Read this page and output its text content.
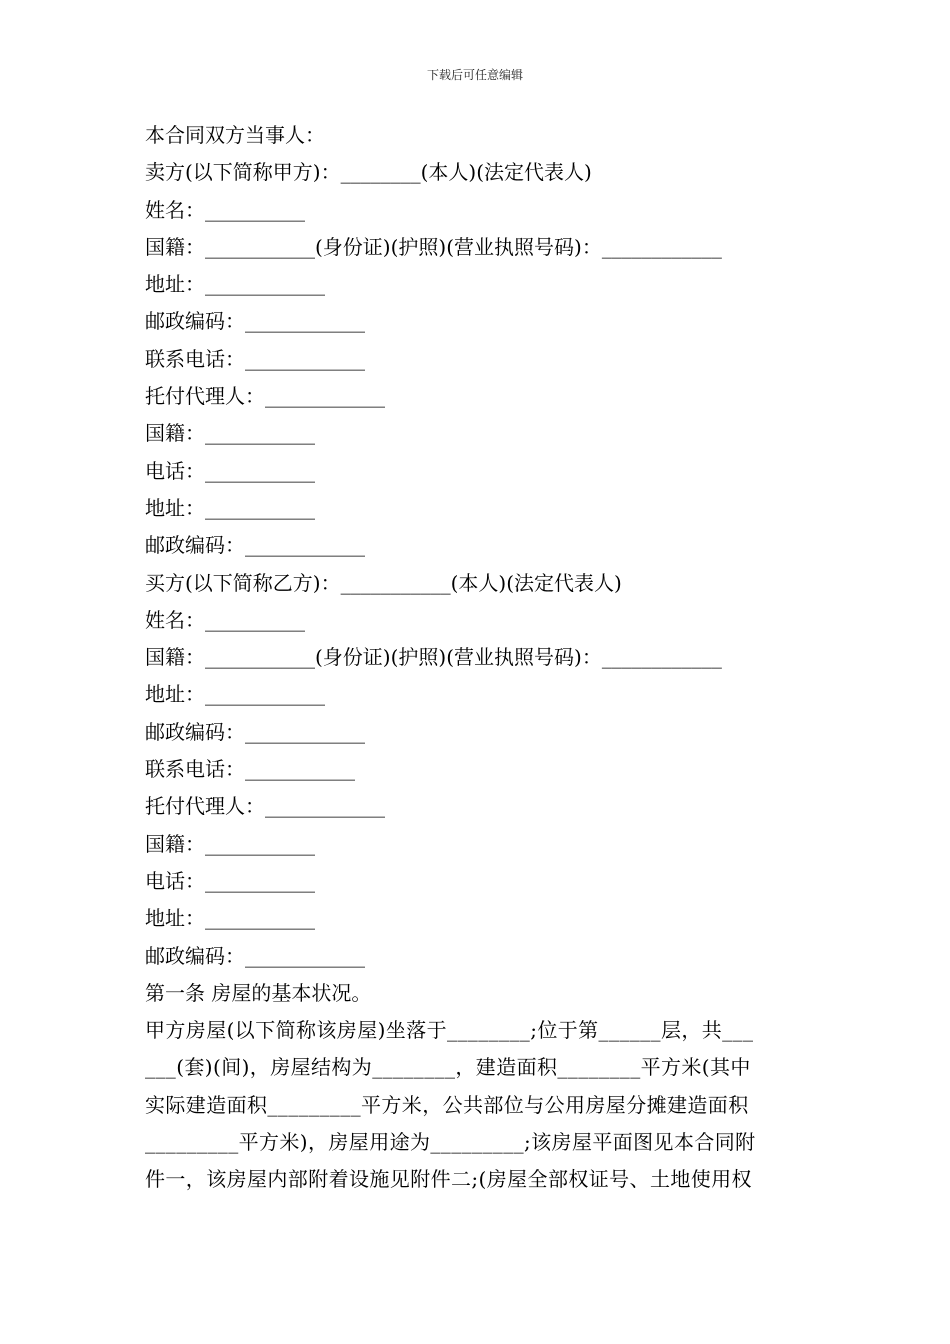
下载后可任意编辑
本合同双方当事人：
卖方(以下简称甲方)：________(本人)(法定代表人)
姓名：__________
国籍：___________(身份证)(护照)(营业执照号码)：____________
地址：____________
邮政编码：____________
联系电话：____________
托付代理人：____________
国籍：___________
电话：___________
地址：___________
邮政编码：____________
买方(以下简称乙方)：___________(本人)(法定代表人)
姓名：__________
国籍：___________(身份证)(护照)(营业执照号码)：____________
地址：____________
邮政编码：____________
联系电话：___________
托付代理人：____________
国籍：___________
电话：___________
地址：___________
邮政编码：____________
第一条 房屋的基本状况。
甲方房屋(以下简称该房屋)坐落于________;位于第______层，共___
___(套)(间)，房屋结构为________，建造面积________平方米(其中
实际建造面积_________平方米，公共部位与公用房屋分摊建造面积
_________平方米)，房屋用途为_________;该房屋平面图见本合同附
件一，该房屋内部附着设施见附件二;(房屋全部权证号、土地使用权
